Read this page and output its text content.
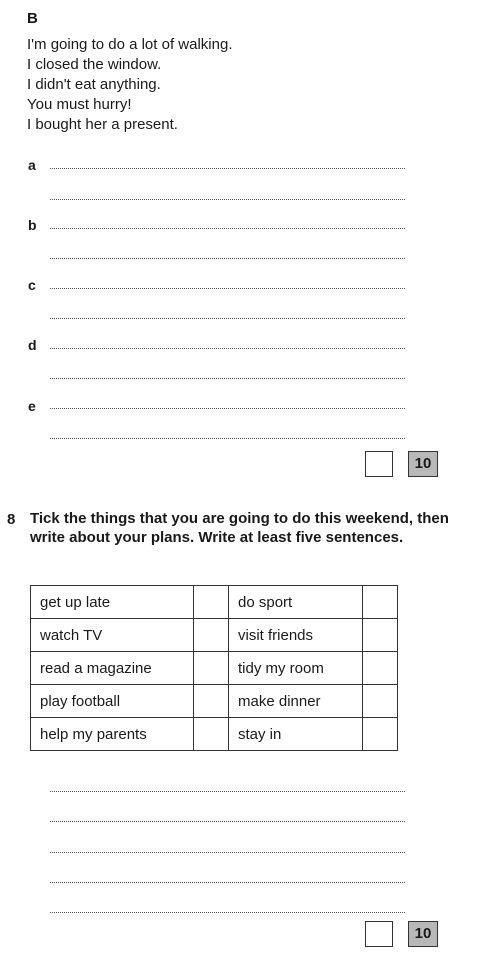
B
I'm going to do a lot of walking.
I closed the window.
I didn't eat anything.
You must hurry!
I bought her a present.
a
b
c
d
e
10
8 Tick the things that you are going to do this weekend, then write about your plans. Write at least five sentences.
get up late		do sport	
watch TV		visit friends	
read a magazine		tidy my room	
play football		make dinner	
help my parents		stay in	
10
